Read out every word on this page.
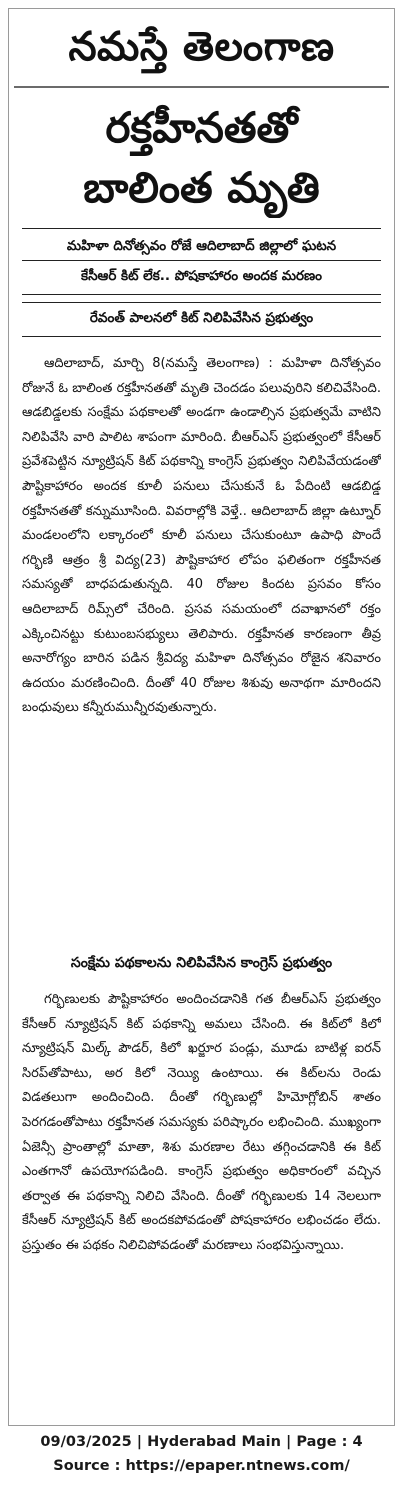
నమస్తే తెలంగాణ
రక్తహీనతతో
బాలింత మృతి
మహిళా దినోత్సవం రోజే ఆదిలాబాద్‌ జిల్లాలో ఘటన
కేసీఆర్‌ కిట్‌ లేక.. పోషకాహారం అందక మరణం
రేవంత్‌ పాలనలో కిట్‌ నిలిపివేసిన ప్రభుత్వం
ఆదిలాబాద్‌, మార్చి 8(నమస్తే తెలంగాణ) : మహిళా దినోత్సవం రోజునే ఓ బాలింత రక్తహీనతతో మృతి చెందడం పలువురిని కలిచివేసింది. ఆడబిడ్డలకు సంక్షేమ పథకాలతో అండగా ఉండాల్సిన ప్రభుత్వమే వాటిని నిలిపివేసి వారి పాలిట శాపంగా మారింది. బీఆర్‌ఎస్‌ ప్రభుత్వంలో కేసీఆర్‌ ప్రవేశపెట్టిన న్యూట్రిషన్‌ కిట్‌ పథకాన్ని కాంగ్రెస్‌ ప్రభుత్వం నిలిపివేయడంతో పౌష్టికాహారం అందక కూలీ పనులు చేసుకునే ఓ పేదింటి ఆడబిడ్డ రక్తహీనతతో కన్నుమూసింది. వివరాల్లోకి వెళ్తే.. ఆదిలాబాద్‌ జిల్లా ఉట్నూర్‌ మండలంలోని లక్కారంలో కూలీ పనులు చేసుకుంటూ ఉపాధి పొందే గర్భిణి ఆత్రం శ్రీ విద్య(23) పౌష్టికాహార లోపం ఫలితంగా రక్తహీనత సమస్యతో బాధపడుతున్నది. 40 రోజుల కిందట ప్రసవం కోసం ఆదిలాబాద్‌ రిమ్స్‌లో చేరింది. ప్రసవ సమయంలో దవాఖానలో రక్తం ఎక్కించినట్టు కుటుంబసభ్యులు తెలిపారు. రక్తహీనత కారణంగా తీవ్ర అనారోగ్యం బారిన పడిన శ్రీవిద్య మహిళా దినోత్సవం రోజైన శనివారం ఉదయం మరణించింది. దీంతో 40 రోజుల శిశువు అనాథగా మారిందని బంధువులు కన్నీరుమున్నీరవుతున్నారు.
సంక్షేమ పథకాలను నిలిపివేసిన కాంగ్రెస్‌ ప్రభుత్వం
గర్భిణులకు పౌష్టికాహారం అందించడానికి గత బీఆర్‌ఎస్‌ ప్రభుత్వం కేసీఆర్‌ న్యూట్రిషన్‌ కిట్‌ పథకాన్ని అమలు చేసింది. ఈ కిట్‌లో కిలో న్యూట్రిషన్‌ మిల్క్‌ పౌడర్‌, కిలో ఖర్జూర పండ్లు, మూడు బాటిళ్ల ఐరన్‌ సిరప్‌తోపాటు, అర కిలో నెయ్యి ఉంటాయి. ఈ కిట్‌లను రెండు విడతలుగా అందించింది. దీంతో గర్భిణుల్లో హిమోగ్లోబిన్‌ శాతం పెరగడంతోపాటు రక్తహీనత సమస్యకు పరిష్కారం లభించింది. ముఖ్యంగా ఏజెన్సీ ప్రాంతాల్లో మాతా, శిశు మరణాల రేటు తగ్గించడానికి ఈ కిట్‌ ఎంతగానో ఉపయోగపడింది. కాంగ్రెస్‌ ప్రభుత్వం అధికారంలో వచ్చిన తర్వాత ఈ పథకాన్ని నిలిచి వేసింది. దీంతో గర్భిణులకు 14 నెలలుగా కేసీఆర్‌ న్యూట్రిషన్‌ కిట్‌ అందకపోవడంతో పోషకాహారం లభించడం లేదు. ప్రస్తుతం ఈ పథకం నిలిచిపోవడంతో మరణాలు సంభవిస్తున్నాయి.
09/03/2025 | Hyderabad Main | Page : 4
Source : https://epaper.ntnews.com/
